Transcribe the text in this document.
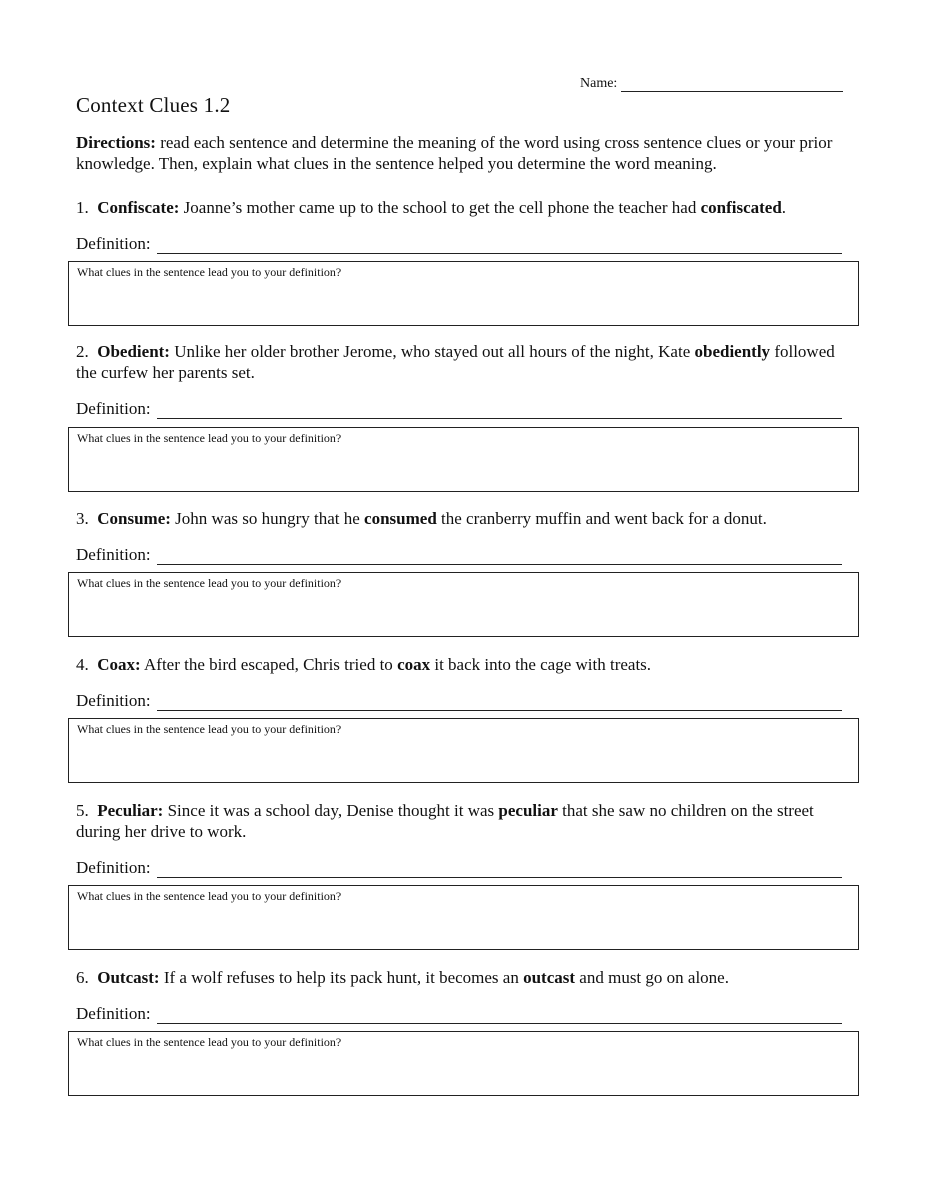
Name:
Context Clues 1.2
Directions: read each sentence and determine the meaning of the word using cross sentence clues or your prior knowledge. Then, explain what clues in the sentence helped you determine the word meaning.
1. Confiscate: Joanne’s mother came up to the school to get the cell phone the teacher had confiscated.
Definition:
What clues in the sentence lead you to your definition?
2. Obedient: Unlike her older brother Jerome, who stayed out all hours of the night, Kate obediently followed the curfew her parents set.
Definition:
What clues in the sentence lead you to your definition?
3. Consume: John was so hungry that he consumed the cranberry muffin and went back for a donut.
Definition:
What clues in the sentence lead you to your definition?
4. Coax: After the bird escaped, Chris tried to coax it back into the cage with treats.
Definition:
What clues in the sentence lead you to your definition?
5. Peculiar: Since it was a school day, Denise thought it was peculiar that she saw no children on the street during her drive to work.
Definition:
What clues in the sentence lead you to your definition?
6. Outcast: If a wolf refuses to help its pack hunt, it becomes an outcast and must go on alone.
Definition:
What clues in the sentence lead you to your definition?
